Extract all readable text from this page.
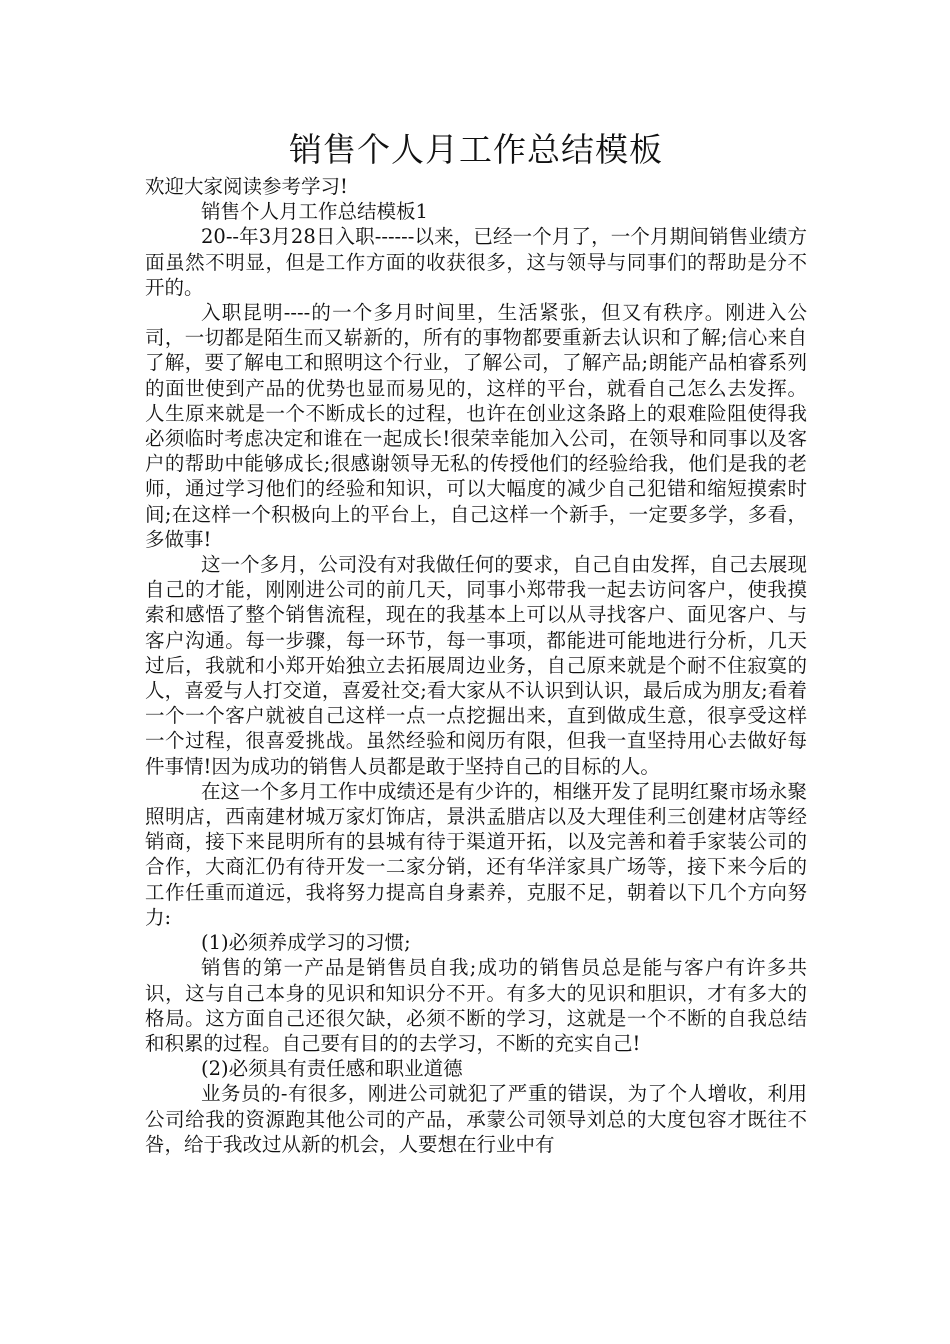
销售个人月工作总结模板

欢迎大家阅读参考学习!

销售个人月工作总结模板1

20--年3月28日入职------以来，已经一个月了，一个月期间销售业绩方面虽然不明显，但是工作方面的收获很多，这与领导与同事们的帮助是分不开的。

入职昆明----的一个多月时间里，生活紧张，但又有秩序。刚进入公司，一切都是陌生而又崭新的，所有的事物都要重新去认识和了解;信心来自了解，要了解电工和照明这个行业，了解公司，了解产品;朗能产品柏睿系列的面世使到产品的优势也显而易见的，这样的平台，就看自己怎么去发挥。人生原来就是一个不断成长的过程，也许在创业这条路上的艰难险阻使得我必须临时考虑决定和谁在一起成长!很荣幸能加入公司，在领导和同事以及客户的帮助中能够成长;很感谢领导无私的传授他们的经验给我，他们是我的老师，通过学习他们的经验和知识，可以大幅度的减少自己犯错和缩短摸索时间;在这样一个积极向上的平台上，自己这样一个新手，一定要多学，多看，多做事!

这一个多月，公司没有对我做任何的要求，自己自由发挥，自己去展现自己的才能，刚刚进公司的前几天，同事小郑带我一起去访问客户，使我摸索和感悟了整个销售流程，现在的我基本上可以从寻找客户、面见客户、与客户沟通。每一步骤，每一环节，每一事项，都能进可能地进行分析，几天过后，我就和小郑开始独立去拓展周边业务，自己原来就是个耐不住寂寞的人，喜爱与人打交道，喜爱社交;看大家从不认识到认识，最后成为朋友;看着一个一个客户就被自己这样一点一点挖掘出来，直到做成生意，很享受这样一个过程，很喜爱挑战。虽然经验和阅历有限，但我一直坚持用心去做好每件事情!因为成功的销售人员都是敢于坚持自己的目标的人。

在这一个多月工作中成绩还是有少许的，相继开发了昆明红聚市场永聚照明店，西南建材城万家灯饰店，景洪孟腊店以及大理佳利三创建材店等经销商，接下来昆明所有的县城有待于渠道开拓，以及完善和着手家装公司的合作，大商汇仍有待开发一二家分销，还有华洋家具广场等，接下来今后的工作任重而道远，我将努力提高自身素养，克服不足，朝着以下几个方向努力:

(1)必须养成学习的习惯;

销售的第一产品是销售员自我;成功的销售员总是能与客户有许多共识，这与自己本身的见识和知识分不开。有多大的见识和胆识，才有多大的格局。这方面自己还很欠缺，必须不断的学习，这就是一个不断的自我总结和积累的过程。自己要有目的的去学习，不断的充实自己!

(2)必须具有责任感和职业道德

业务员的-有很多，刚进公司就犯了严重的错误，为了个人增收，利用公司给我的资源跑其他公司的产品，承蒙公司领导刘总的大度包容才既往不咎，给于我改过从新的机会，人要想在行业中有
